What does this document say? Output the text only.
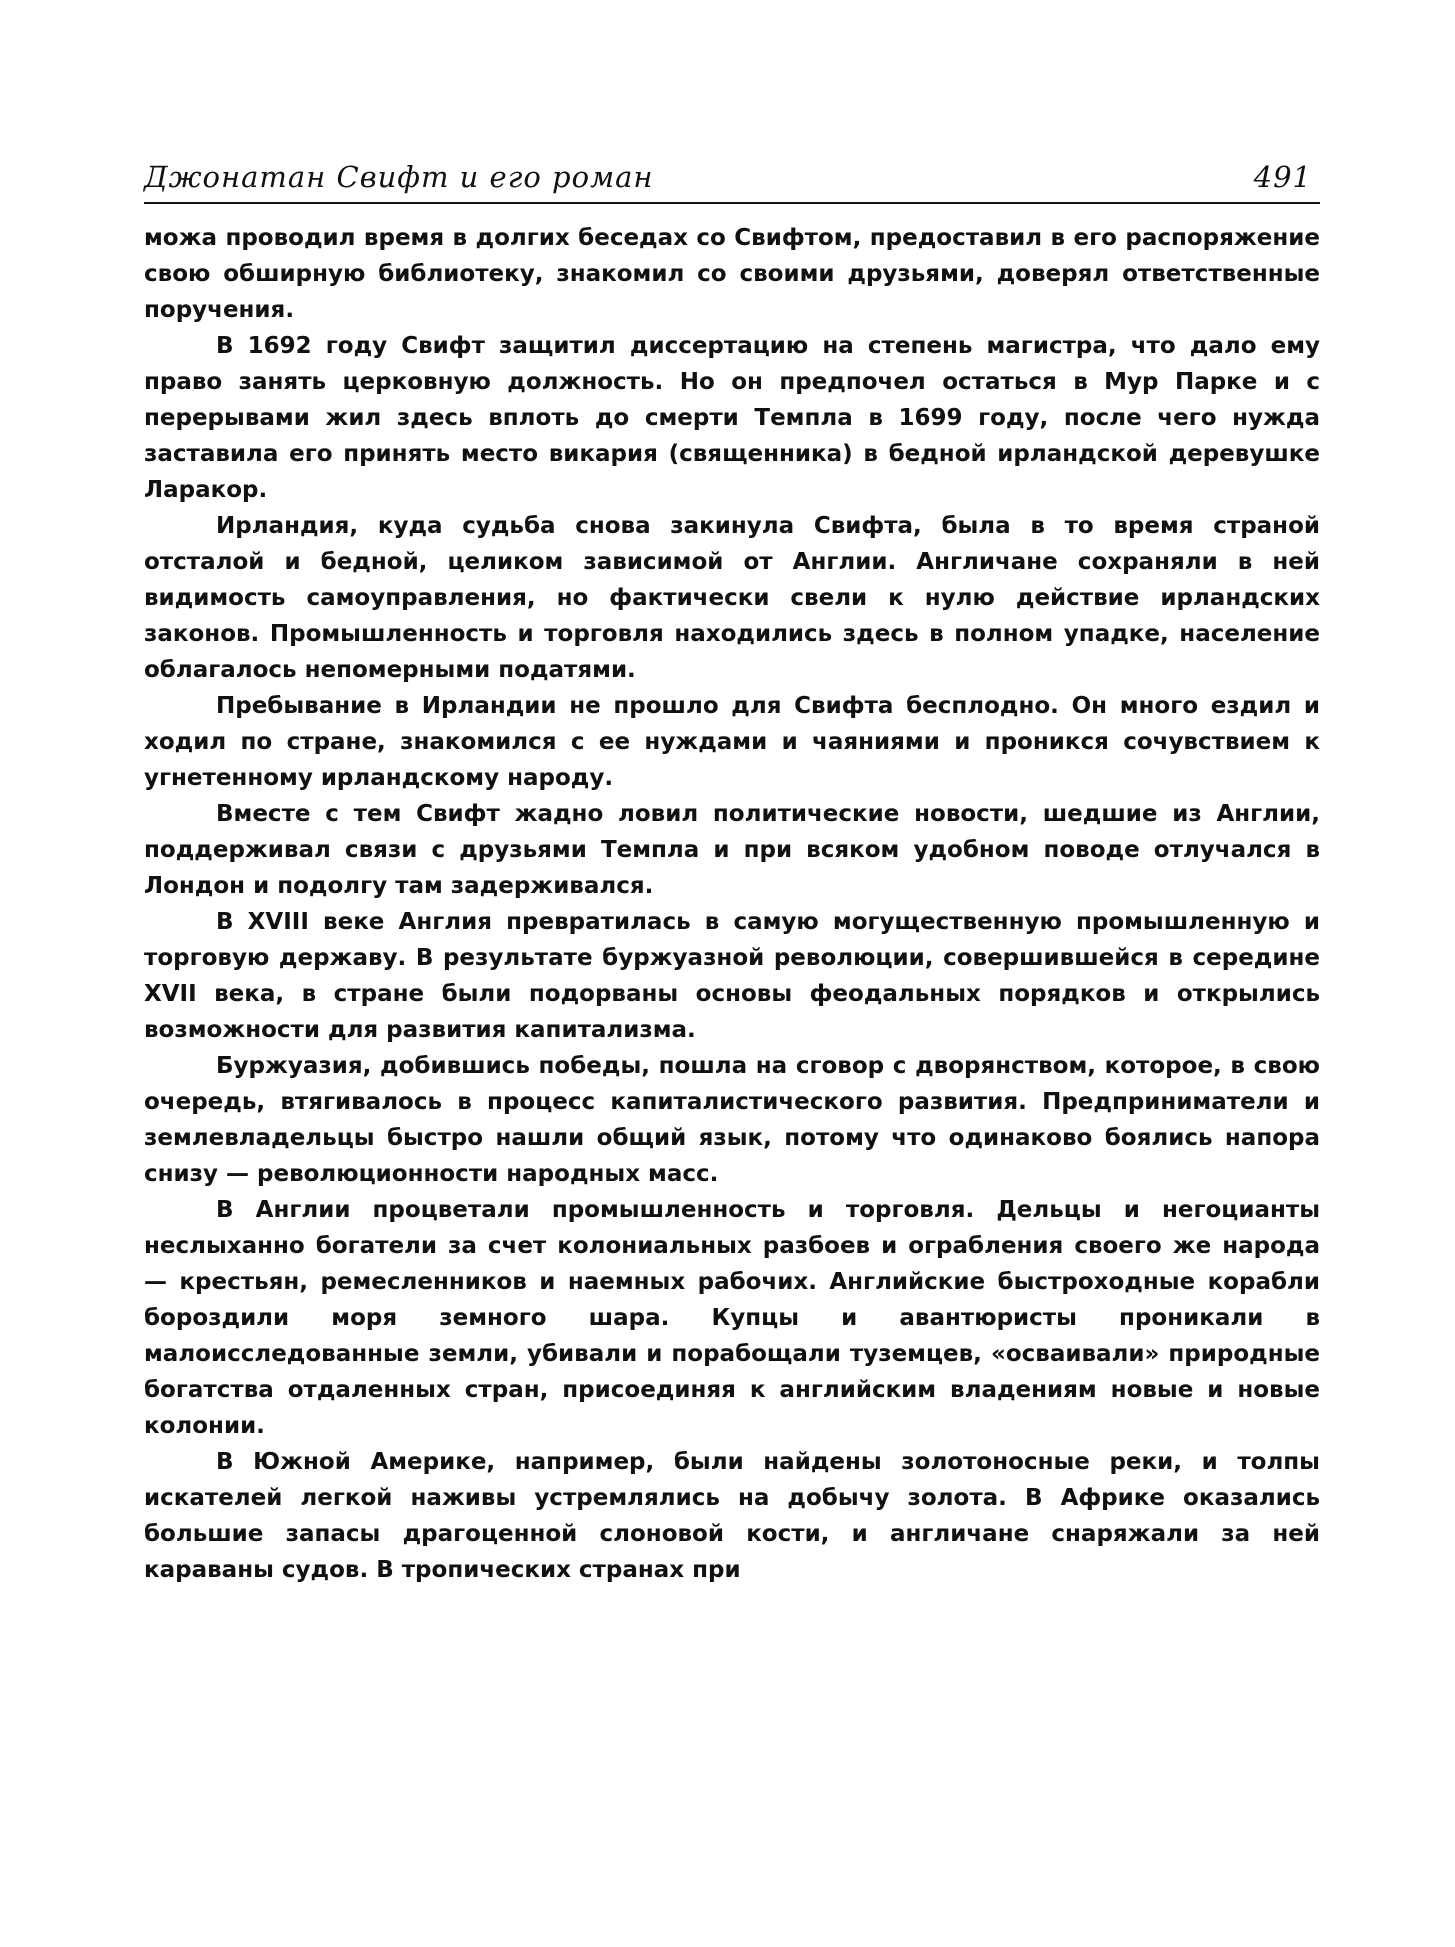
Джонатан Свифт и его роман	491

можа проводил время в долгих беседах со Свифтом, предоставил в его распоряжение свою обширную библиотеку, знакомил со своими друзьями, доверял ответственные поручения.

В 1692 году Свифт защитил диссертацию на степень магистра, что дало ему право занять церковную должность. Но он предпочел остаться в Мур Парке и с перерывами жил здесь вплоть до смерти Темпла в 1699 году, после чего нужда заставила его принять место викария (священника) в бедной ирландской деревушке Ларакор.

Ирландия, куда судьба снова закинула Свифта, была в то время страной отсталой и бедной, целиком зависимой от Англии. Англичане сохраняли в ней видимость самоуправления, но фактически свели к нулю действие ирландских законов. Промышленность и торговля находились здесь в полном упадке, население облагалось непомерными податями.

Пребывание в Ирландии не прошло для Свифта бесплодно. Он много ездил и ходил по стране, знакомился с ее нуждами и чаяниями и проникся сочувствием к угнетенному ирландскому народу.

Вместе с тем Свифт жадно ловил политические новости, шедшие из Англии, поддерживал связи с друзьями Темпла и при всяком удобном поводе отлучался в Лондон и подолгу там задерживался.

В XVIII веке Англия превратилась в самую могущественную промышленную и торговую державу. В результате буржуазной революции, совершившейся в середине XVII века, в стране были подорваны основы феодальных порядков и открылись возможности для развития капитализма.

Буржуазия, добившись победы, пошла на сговор с дворянством, которое, в свою очередь, втягивалось в процесс капиталистического развития. Предприниматели и землевладельцы быстро нашли общий язык, потому что одинаково боялись напора снизу — революционности народных масс.

В Англии процветали промышленность и торговля. Дельцы и негоцианты неслыханно богатели за счет колониальных разбоев и ограбления своего же народа — крестьян, ремесленников и наемных рабочих. Английские быстроходные корабли бороздили моря земного шара. Купцы и авантюристы проникали в малоисследованные земли, убивали и порабощали туземцев, «осваивали» природные богатства отдаленных стран, присоединяя к английским владениям новые и новые колонии.

В Южной Америке, например, были найдены золотоносные реки, и толпы искателей легкой наживы устремлялись на добычу золота. В Африке оказались большие запасы драгоценной слоновой кости, и англичане снаряжали за ней караваны судов. В тропических странах при
